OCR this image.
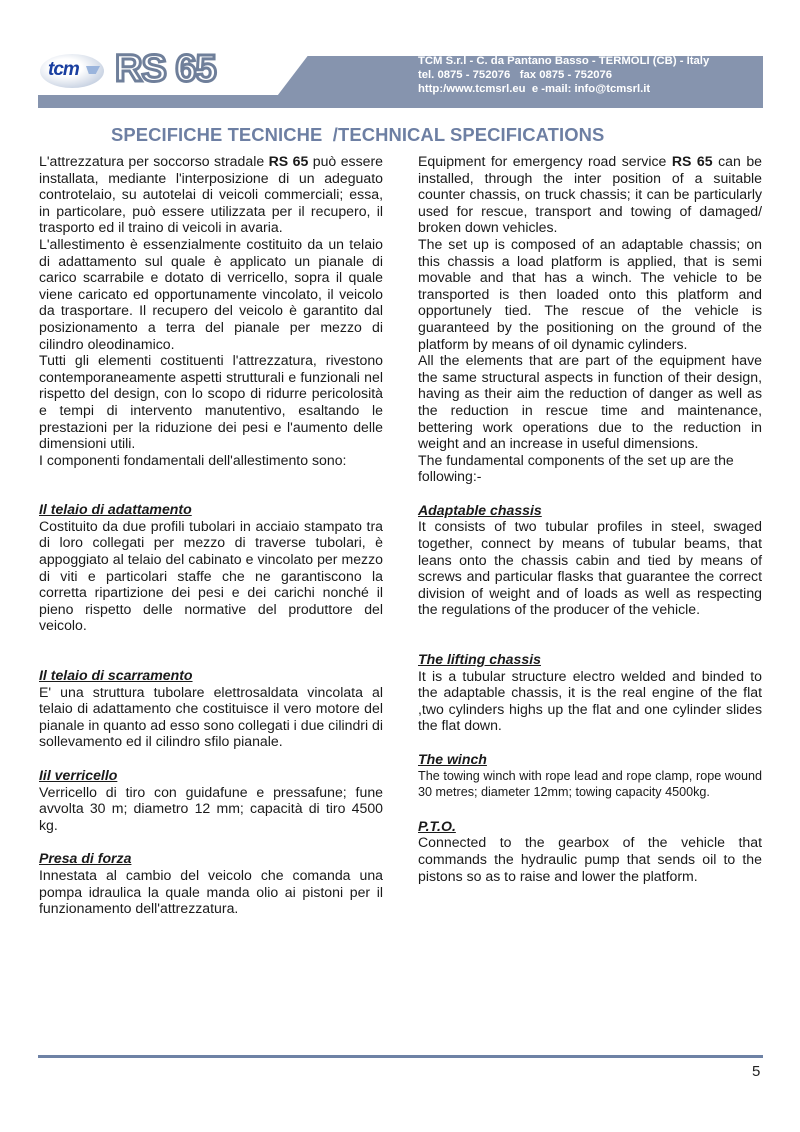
tcm RS 65	TCM S.r.l - C. da Pantano Basso - TERMOLI (CB) - Italy
tel. 0875 - 752076   fax 0875 - 752076
http:/www.tcmsrl.eu  e -mail: info@tcmsrl.it
SPECIFICHE TECNICHE  /TECHNICAL SPECIFICATIONS

L'attrezzatura per soccorso stradale RS 65 può essere installata, mediante l'interposizione di un adeguato controtelaio, su autotelai di veicoli commerciali; essa, in particolare, può essere utilizzata per il recupero, il trasporto ed il traino di veicoli in avaria.

L'allestimento è essenzialmente costituito da un telaio di adattamento sul quale è applicato un pianale di carico scarrabile e dotato di verricello, sopra il quale viene caricato ed opportunamente vincolato, il veicolo da trasportare. Il recupero del veicolo è garantito dal posizionamento a terra del pianale per mezzo di cilindro oleodinamico.

Tutti gli elementi costituenti l'attrezzatura, rivestono contemporaneamente aspetti strutturali e funzionali nel rispetto del design, con lo scopo di ridurre pericolosità e tempi di intervento manutentivo, esaltando le prestazioni per la riduzione dei pesi e l'aumento delle dimensioni utili.

I componenti fondamentali dell'allestimento sono:

Il telaio di adattamento

Costituito da due profili tubolari in acciaio stampato tra di loro collegati per mezzo di traverse tubolari, è appoggiato al telaio del cabinato e vincolato per mezzo di viti e particolari staffe che ne garantiscono la corretta ripartizione dei pesi e dei carichi nonché il pieno rispetto delle normative del produttore del veicolo.

Il telaio di scarramento

E' una struttura tubolare elettrosaldata vincolata al telaio di adattamento che costituisce il vero motore del pianale in quanto ad esso sono collegati i due cilindri di sollevamento ed il cilindro sfilo pianale.

Iil verricello

Verricello di tiro con guidafune e pressafune; fune avvolta 30 m; diametro 12 mm; capacità di tiro 4500 kg.

Presa di forza

Innestata al cambio del veicolo che comanda una pompa idraulica la quale manda olio ai pistoni per il funzionamento dell'attrezzatura.

Equipment for emergency road service RS 65 can be installed, through the inter position of a suitable counter chassis, on truck chassis; it can be particularly used for rescue, transport and towing of damaged/ broken down vehicles.

The set up is composed of an adaptable chassis; on this chassis a load platform is applied, that is semi movable and that has a winch. The vehicle to be transported is then loaded onto this platform and opportunely tied. The rescue of the vehicle is guaranteed by the positioning on the ground of the platform by means of oil dynamic cylinders.

All the elements that are part of the equipment have the same structural aspects in function of their design, having as their aim the reduction of danger as well as the reduction in rescue time and maintenance, bettering work operations due to the reduction in weight and an increase in useful dimensions.

The fundamental components of the set up are the following:-

Adaptable chassis

It consists of two tubular profiles in steel, swaged together, connect by means of tubular beams, that leans onto the chassis cabin and tied by means of screws and particular flasks that guarantee the correct division of weight and of loads as well as respecting the regulations of the producer of the vehicle.

The lifting chassis

It is a tubular structure electro welded and binded to the adaptable chassis, it is the real engine of the flat ,two cylinders highs up the flat and one cylinder slides the flat down.

The winch

The towing winch with rope lead and rope clamp, rope wound 30 metres; diameter 12mm; towing capacity 4500kg.

P.T.O.

Connected to the gearbox of the vehicle that commands the hydraulic pump that sends oil to the pistons so as to raise and lower the platform.

5
